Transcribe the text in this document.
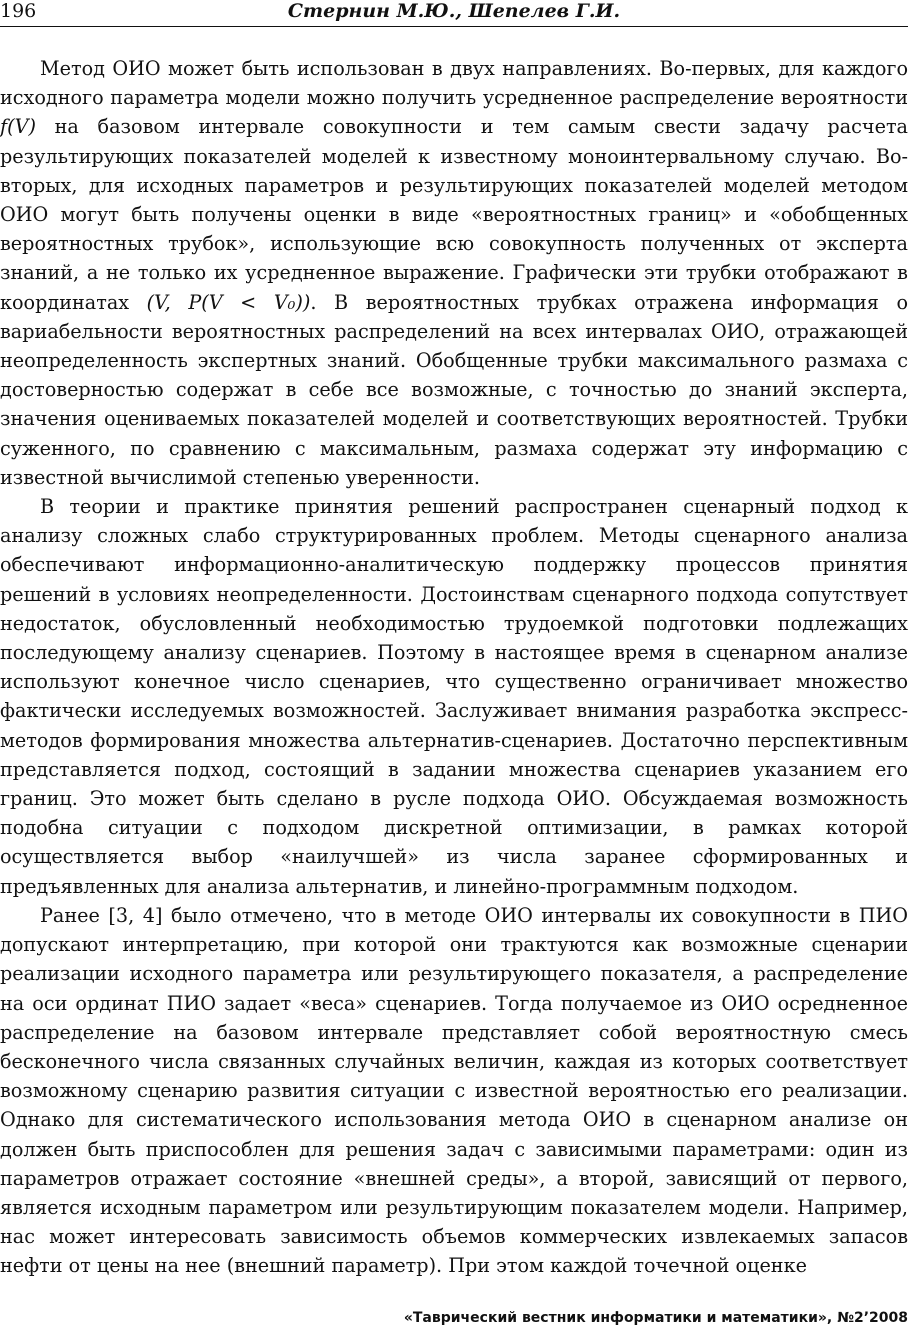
196	Стернин М.Ю., Шепелев Г.И.

Метод ОИО может быть использован в двух направлениях. Во-первых, для каждого исходного параметра модели можно получить усредненное распределение вероятности f(V) на базовом интервале совокупности и тем самым свести задачу расчета результирующих показателей моделей к известному моноинтервальному случаю. Во-вторых, для исходных параметров и результирующих показателей моделей методом ОИО могут быть получены оценки в виде «вероятностных границ» и «обобщенных вероятностных трубок», использующие всю совокупность полученных от эксперта знаний, а не только их усредненное выражение. Графически эти трубки отображают в координатах (V, P(V < V₀)). В вероятностных трубках отражена информация о вариабельности вероятностных распределений на всех интервалах ОИО, отражающей неопределенность экспертных знаний. Обобщенные трубки максимального размаха с достоверностью содержат в себе все возможные, с точностью до знаний эксперта, значения оцениваемых показателей моделей и соответствующих вероятностей. Трубки суженного, по сравнению с максимальным, размаха содержат эту информацию с известной вычислимой степенью уверенности.

В теории и практике принятия решений распространен сценарный подход к анализу сложных слабо структурированных проблем. Методы сценарного анализа обеспечивают информационно-аналитическую поддержку процессов принятия решений в условиях неопределенности. Достоинствам сценарного подхода сопутствует недостаток, обусловленный необходимостью трудоемкой подготовки подлежащих последующему анализу сценариев. Поэтому в настоящее время в сценарном анализе используют конечное число сценариев, что существенно ограничивает множество фактически исследуемых возможностей. Заслуживает внимания разработка экспресс-методов формирования множества альтернатив-сценариев. Достаточно перспективным представляется подход, состоящий в задании множества сценариев указанием его границ. Это может быть сделано в русле подхода ОИО. Обсуждаемая возможность подобна ситуации с подходом дискретной оптимизации, в рамках которой осуществляется выбор «наилучшей» из числа заранее сформированных и предъявленных для анализа альтернатив, и линейно-программным подходом.

Ранее [3, 4] было отмечено, что в методе ОИО интервалы их совокупности в ПИО допускают интерпретацию, при которой они трактуются как возможные сценарии реализации исходного параметра или результирующего показателя, а распределение на оси ординат ПИО задает «веса» сценариев. Тогда получаемое из ОИО осредненное распределение на базовом интервале представляет собой вероятностную смесь бесконечного числа связанных случайных величин, каждая из которых соответствует возможному сценарию развития ситуации с известной вероятностью его реализации. Однако для систематического использования метода ОИО в сценарном анализе он должен быть приспособлен для решения задач с зависимыми параметрами: один из параметров отражает состояние «внешней среды», а второй, зависящий от первого, является исходным параметром или результирующим показателем модели. Например, нас может интересовать зависимость объемов коммерческих извлекаемых запасов нефти от цены на нее (внешний параметр). При этом каждой точечной оценке

«Таврический вестник информатики и математики», №2’2008
